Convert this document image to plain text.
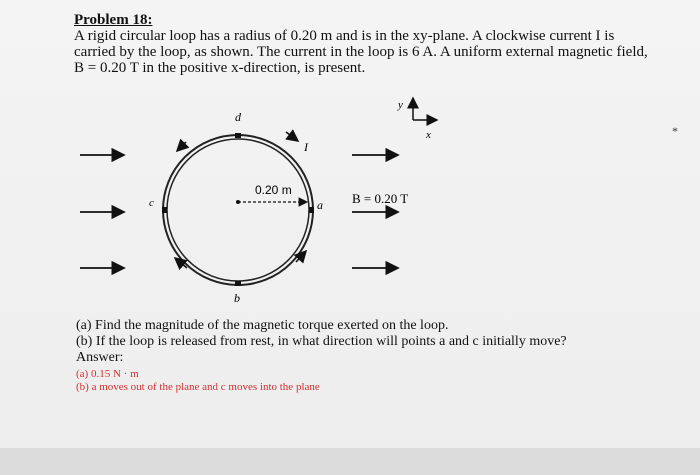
Problem 18:

A rigid circular loop has a radius of 0.20 m and is in the xy-plane. A clockwise current I is
carried by the loop, as shown. The current in the loop is 6 A. A uniform external magnetic field,
B = 0.20 T in the positive x-direction, is present.
y
x
d
b
c	a
I
0.20 m
B = 0.20 T
(a) Find the magnitude of the magnetic torque exerted on the loop.
(b) If the loop is released from rest, in what direction will points a and c initially move?
Answer:
(a) 0.15 N · m
(b) a moves out of the plane and c moves into the plane
*
